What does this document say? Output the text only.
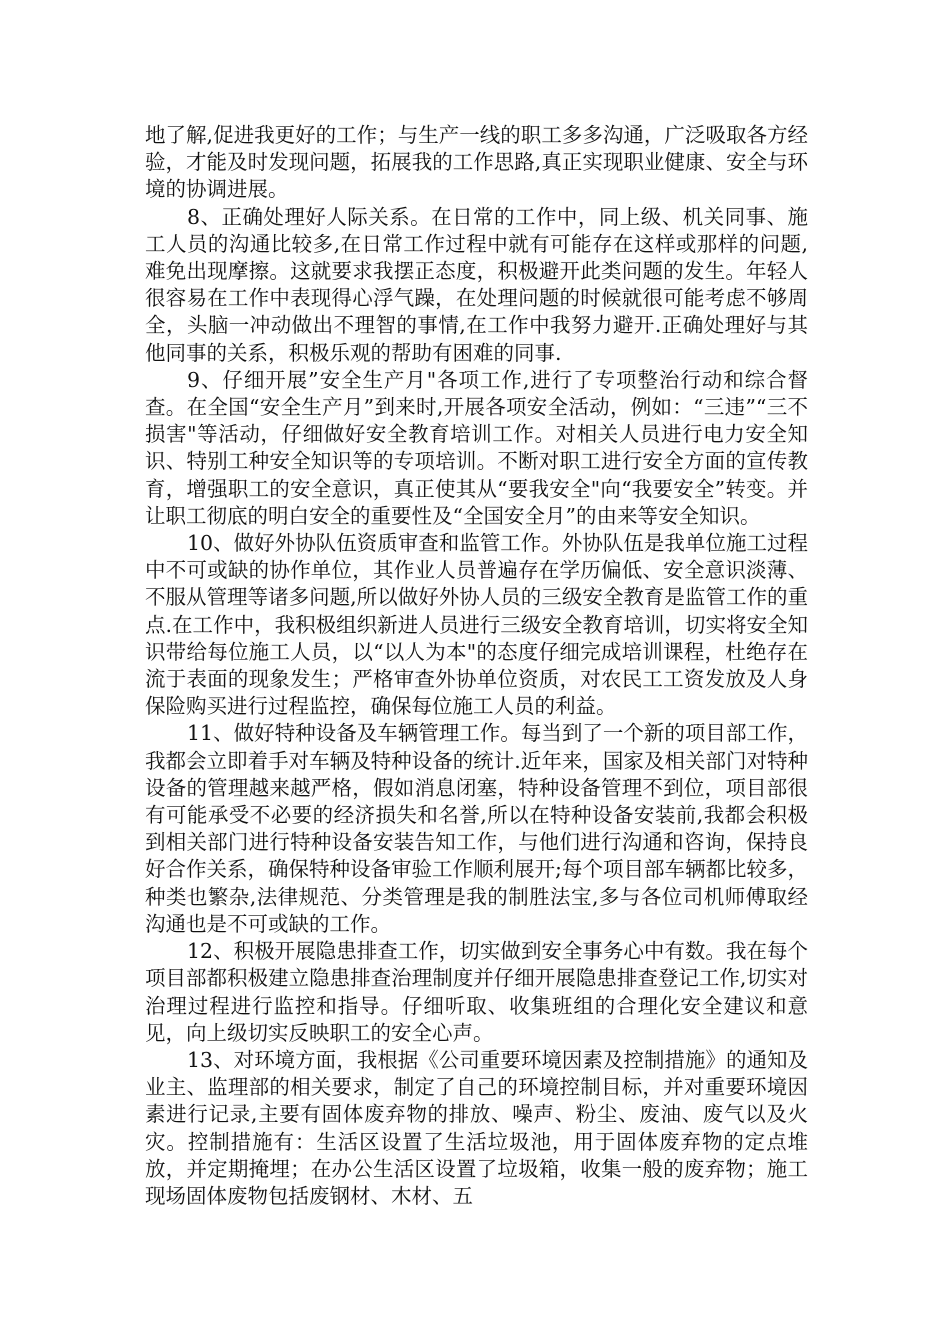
地了解,促进我更好的工作；与生产一线的职工多多沟通，广泛吸取各方经验，才能及时发现问题，拓展我的工作思路,真正实现职业健康、安全与环境的协调进展。

8、正确处理好人际关系。在日常的工作中，同上级、机关同事、施工人员的沟通比较多,在日常工作过程中就有可能存在这样或那样的问题,难免出现摩擦。这就要求我摆正态度，积极避开此类问题的发生。年轻人很容易在工作中表现得心浮气躁，在处理问题的时候就很可能考虑不够周全，头脑一冲动做出不理智的事情,在工作中我努力避开.正确处理好与其他同事的关系，积极乐观的帮助有困难的同事.

9、仔细开展”安全生产月"各项工作,进行了专项整治行动和综合督查。在全国“安全生产月”到来时,开展各项安全活动，例如：“三违”“三不损害"等活动，仔细做好安全教育培训工作。对相关人员进行电力安全知识、特别工种安全知识等的专项培训。不断对职工进行安全方面的宣传教育，增强职工的安全意识，真正使其从“要我安全"向“我要安全”转变。并让职工彻底的明白安全的重要性及“全国安全月”的由来等安全知识。

10、做好外协队伍资质审查和监管工作。外协队伍是我单位施工过程中不可或缺的协作单位，其作业人员普遍存在学历偏低、安全意识淡薄、不服从管理等诸多问题,所以做好外协人员的三级安全教育是监管工作的重点.在工作中，我积极组织新进人员进行三级安全教育培训，切实将安全知识带给每位施工人员，以“以人为本"的态度仔细完成培训课程，杜绝存在流于表面的现象发生；严格审查外协单位资质，对农民工工资发放及人身保险购买进行过程监控，确保每位施工人员的利益。

11、做好特种设备及车辆管理工作。每当到了一个新的项目部工作，我都会立即着手对车辆及特种设备的统计.近年来，国家及相关部门对特种设备的管理越来越严格，假如消息闭塞，特种设备管理不到位，项目部很有可能承受不必要的经济损失和名誉,所以在特种设备安装前,我都会积极到相关部门进行特种设备安装告知工作，与他们进行沟通和咨询，保持良好合作关系，确保特种设备审验工作顺利展开;每个项目部车辆都比较多，种类也繁杂,法律规范、分类管理是我的制胜法宝,多与各位司机师傅取经沟通也是不可或缺的工作。

12、积极开展隐患排查工作，切实做到安全事务心中有数。我在每个项目部都积极建立隐患排查治理制度并仔细开展隐患排查登记工作,切实对治理过程进行监控和指导。仔细听取、收集班组的合理化安全建议和意见，向上级切实反映职工的安全心声。

13、对环境方面，我根据《公司重要环境因素及控制措施》的通知及业主、监理部的相关要求，制定了自己的环境控制目标，并对重要环境因素进行记录,主要有固体废弃物的排放、噪声、粉尘、废油、废气以及火灾。控制措施有：生活区设置了生活垃圾池，用于固体废弃物的定点堆放，并定期掩埋；在办公生活区设置了垃圾箱，收集一般的废弃物；施工现场固体废物包括废钢材、木材、五
